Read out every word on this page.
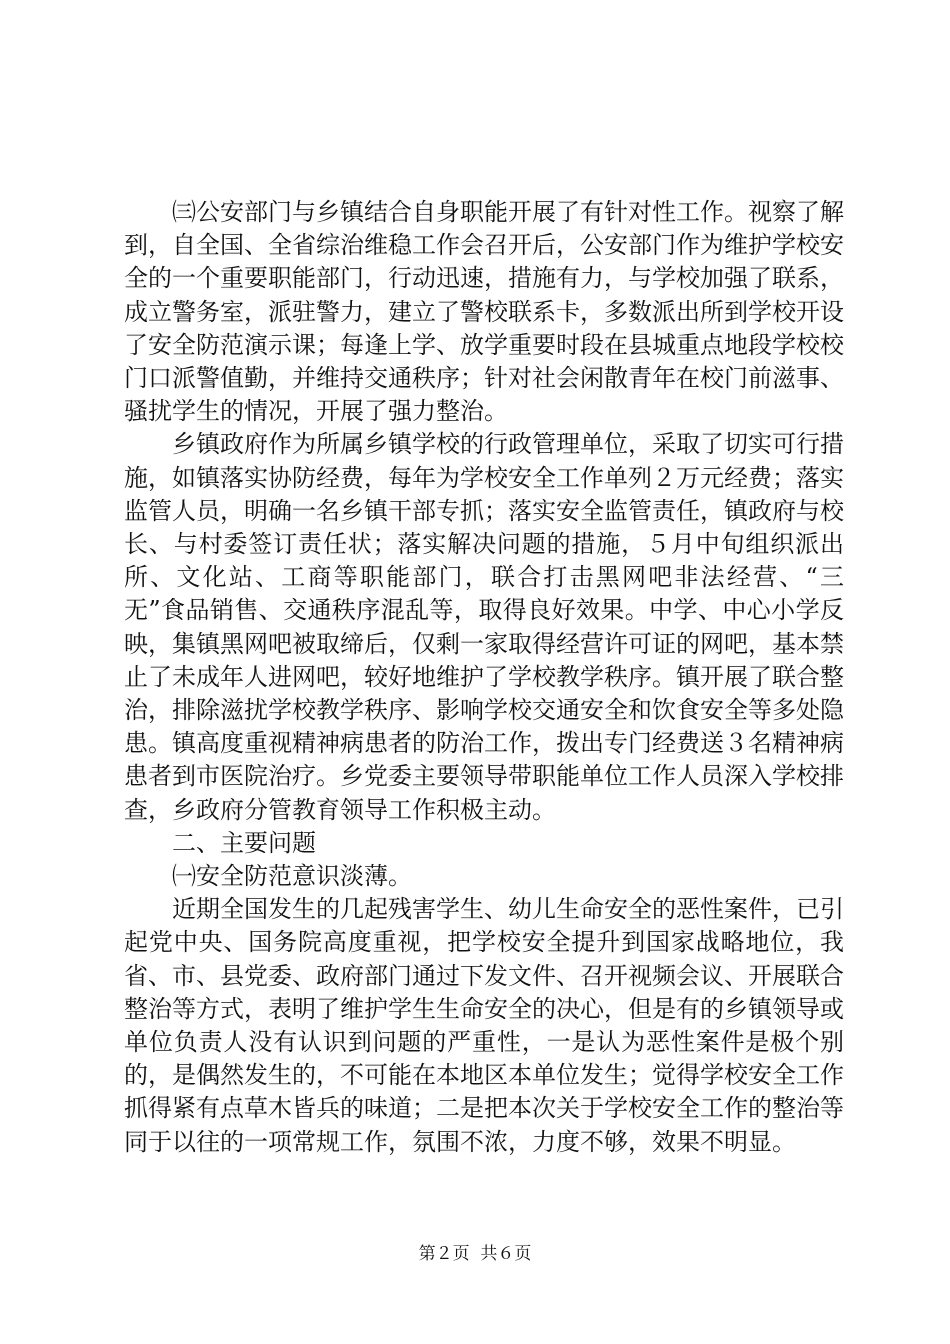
㈢公安部门与乡镇结合自身职能开展了有针对性工作。视察了解到，自全国、全省综治维稳工作会召开后，公安部门作为维护学校安全的一个重要职能部门，行动迅速，措施有力，与学校加强了联系，成立警务室，派驻警力，建立了警校联系卡，多数派出所到学校开设了安全防范演示课；每逢上学、放学重要时段在县城重点地段学校校门口派警值勤，并维持交通秩序；针对社会闲散青年在校门前滋事、骚扰学生的情况，开展了强力整治。

乡镇政府作为所属乡镇学校的行政管理单位，采取了切实可行措施，如镇落实协防经费，每年为学校安全工作单列２万元经费；落实监管人员，明确一名乡镇干部专抓；落实安全监管责任，镇政府与校长、与村委签订责任状；落实解决问题的措施，５月中旬组织派出所、文化站、工商等职能部门，联合打击黑网吧非法经营、“三无”食品销售、交通秩序混乱等，取得良好效果。中学、中心小学反映，集镇黑网吧被取缔后，仅剩一家取得经营许可证的网吧，基本禁止了未成年人进网吧，较好地维护了学校教学秩序。镇开展了联合整治，排除滋扰学校教学秩序、影响学校交通安全和饮食安全等多处隐患。镇高度重视精神病患者的防治工作，拨出专门经费送３名精神病患者到市医院治疗。乡党委主要领导带职能单位工作人员深入学校排查，乡政府分管教育领导工作积极主动。

二、主要问题

㈠安全防范意识淡薄。

近期全国发生的几起残害学生、幼儿生命安全的恶性案件，已引起党中央、国务院高度重视，把学校安全提升到国家战略地位，我省、市、县党委、政府部门通过下发文件、召开视频会议、开展联合整治等方式，表明了维护学生生命安全的决心，但是有的乡镇领导或单位负责人没有认识到问题的严重性，一是认为恶性案件是极个别的，是偶然发生的，不可能在本地区本单位发生；觉得学校安全工作抓得紧有点草木皆兵的味道；二是把本次关于学校安全工作的整治等同于以往的一项常规工作，氛围不浓，力度不够，效果不明显。

第２页  共６页
